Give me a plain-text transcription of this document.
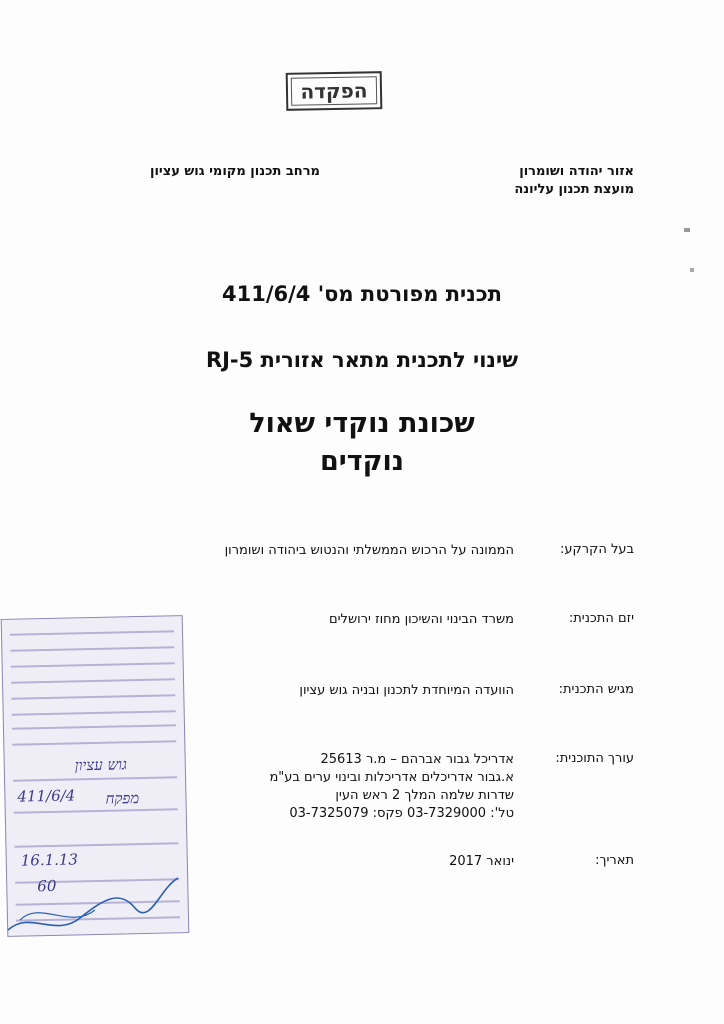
הפקדה
אזור יהודה ושומרון
מועצת תכנון עליונה
מרחב תכנון מקומי גוש עציון
תכנית מפורטת מס' 411/6/4
שינוי לתכנית מתאר אזורית RJ-5
שכונת נוקדי שאול
נוקדים
בעל הקרקע:
הממונה על הרכוש הממשלתי והנטוש ביהודה ושומרון
יזם התכנית:
משרד הבינוי והשיכון מחוז ירושלים
מגיש התכנית:
הוועדה המיוחדת לתכנון ובניה גוש עציון
עורך התוכנית:
אדריכל גבור אברהם – מ.ר 25613
א.גבור אדריכלים אדריכלות ובינוי ערים בע"מ
שדרות שלמה המלך 2 ראש העין
טל': 03-7329000 פקס: 03-7325079
תאריך:
ינואר 2017
גוש עציון
411/6/4 מפקח
16.1.13
60
